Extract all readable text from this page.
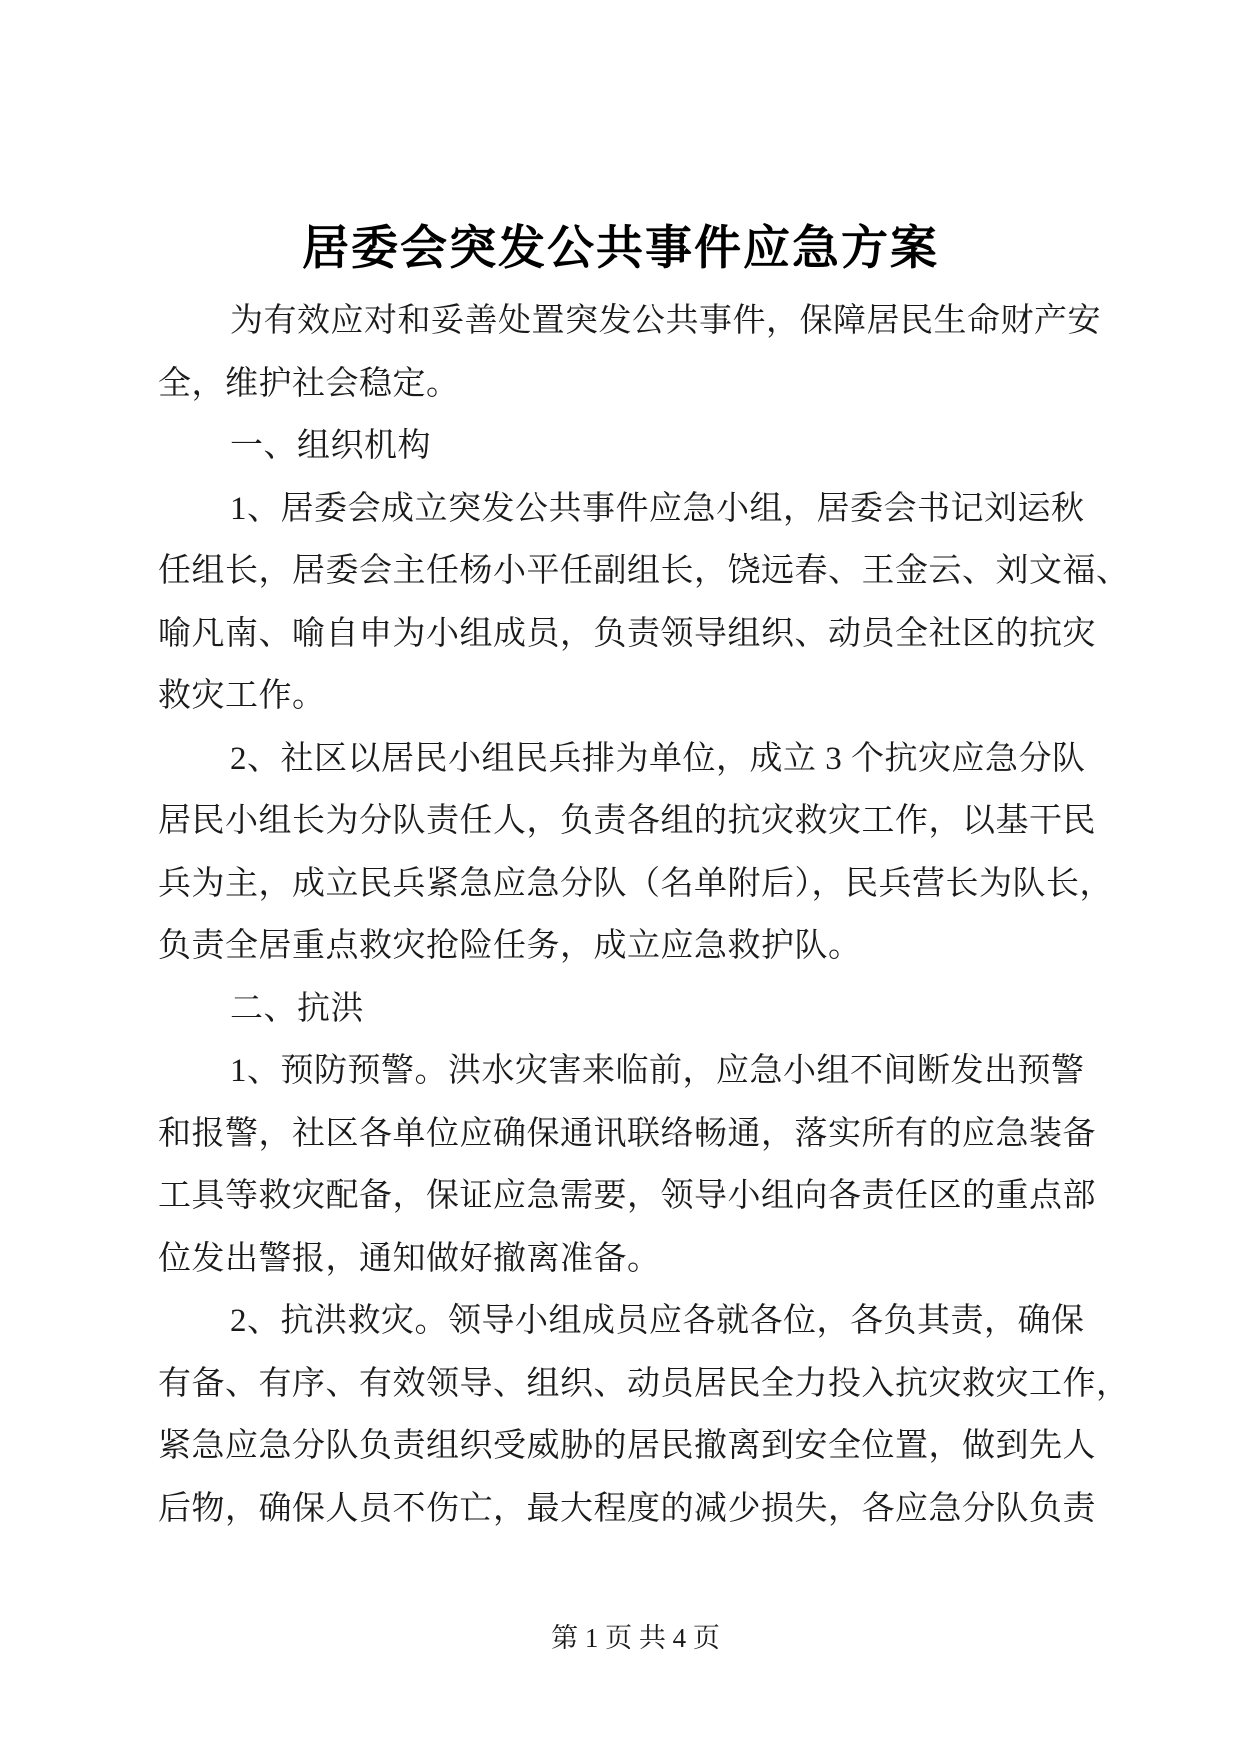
居委会突发公共事件应急方案
为有效应对和妥善处置突发公共事件，保障居民生命财产安
全，维护社会稳定。
一、组织机构
1、居委会成立突发公共事件应急小组，居委会书记刘运秋
任组长，居委会主任杨小平任副组长，饶远春、王金云、刘文福、
喻凡南、喻自申为小组成员，负责领导组织、动员全社区的抗灾
救灾工作。
2、社区以居民小组民兵排为单位，成立 3 个抗灾应急分队
居民小组长为分队责任人，负责各组的抗灾救灾工作，以基干民
兵为主，成立民兵紧急应急分队（名单附后），民兵营长为队长，
负责全居重点救灾抢险任务，成立应急救护队。
二、抗洪
1、预防预警。洪水灾害来临前，应急小组不间断发出预警
和报警，社区各单位应确保通讯联络畅通，落实所有的应急装备
工具等救灾配备，保证应急需要，领导小组向各责任区的重点部
位发出警报，通知做好撤离准备。
2、抗洪救灾。领导小组成员应各就各位，各负其责，确保
有备、有序、有效领导、组织、动员居民全力投入抗灾救灾工作，
紧急应急分队负责组织受威胁的居民撤离到安全位置，做到先人
后物，确保人员不伤亡，最大程度的减少损失，各应急分队负责
第 1 页 共 4 页
